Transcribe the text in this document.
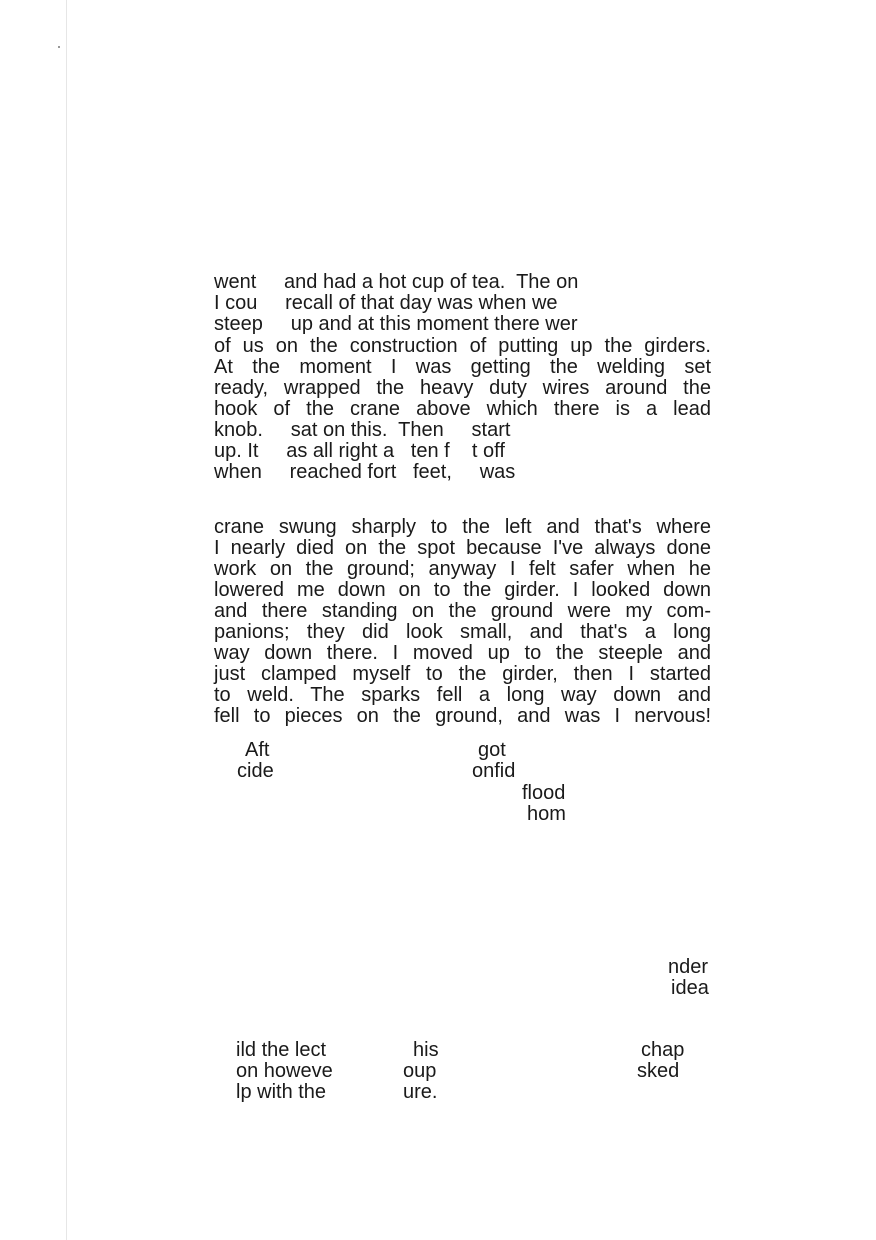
went     and had a hot cup of tea.  The on
I cou     recall of that day was when we
steep     up and at this moment there wer
of us on the construction of putting up the girders.
At the moment I was getting the welding set
ready, wrapped the heavy duty wires around the
hook of the crane above which there is a lead
knob.     sat on this.  Then     start
up. It     as all right a   ten f    t off
when     reached fort   feet,     was
crane swung sharply to the left and that's where
I nearly died on the spot because I've always done
work on the ground; anyway I felt safer when he
lowered me down on to the girder. I looked down
and there standing on the ground were my com-
panions; they did look small, and that's a long
way down there. I moved up to the steeple and
just clamped myself to the girder, then I started
to weld. The sparks fell a long way down and
fell to pieces on the ground, and was I nervous!
Aft
cide
got
onfid
flood
hom
nder
idea
ild the lect
on howeve
lp with the
his
oup
ure.
chap
sked
